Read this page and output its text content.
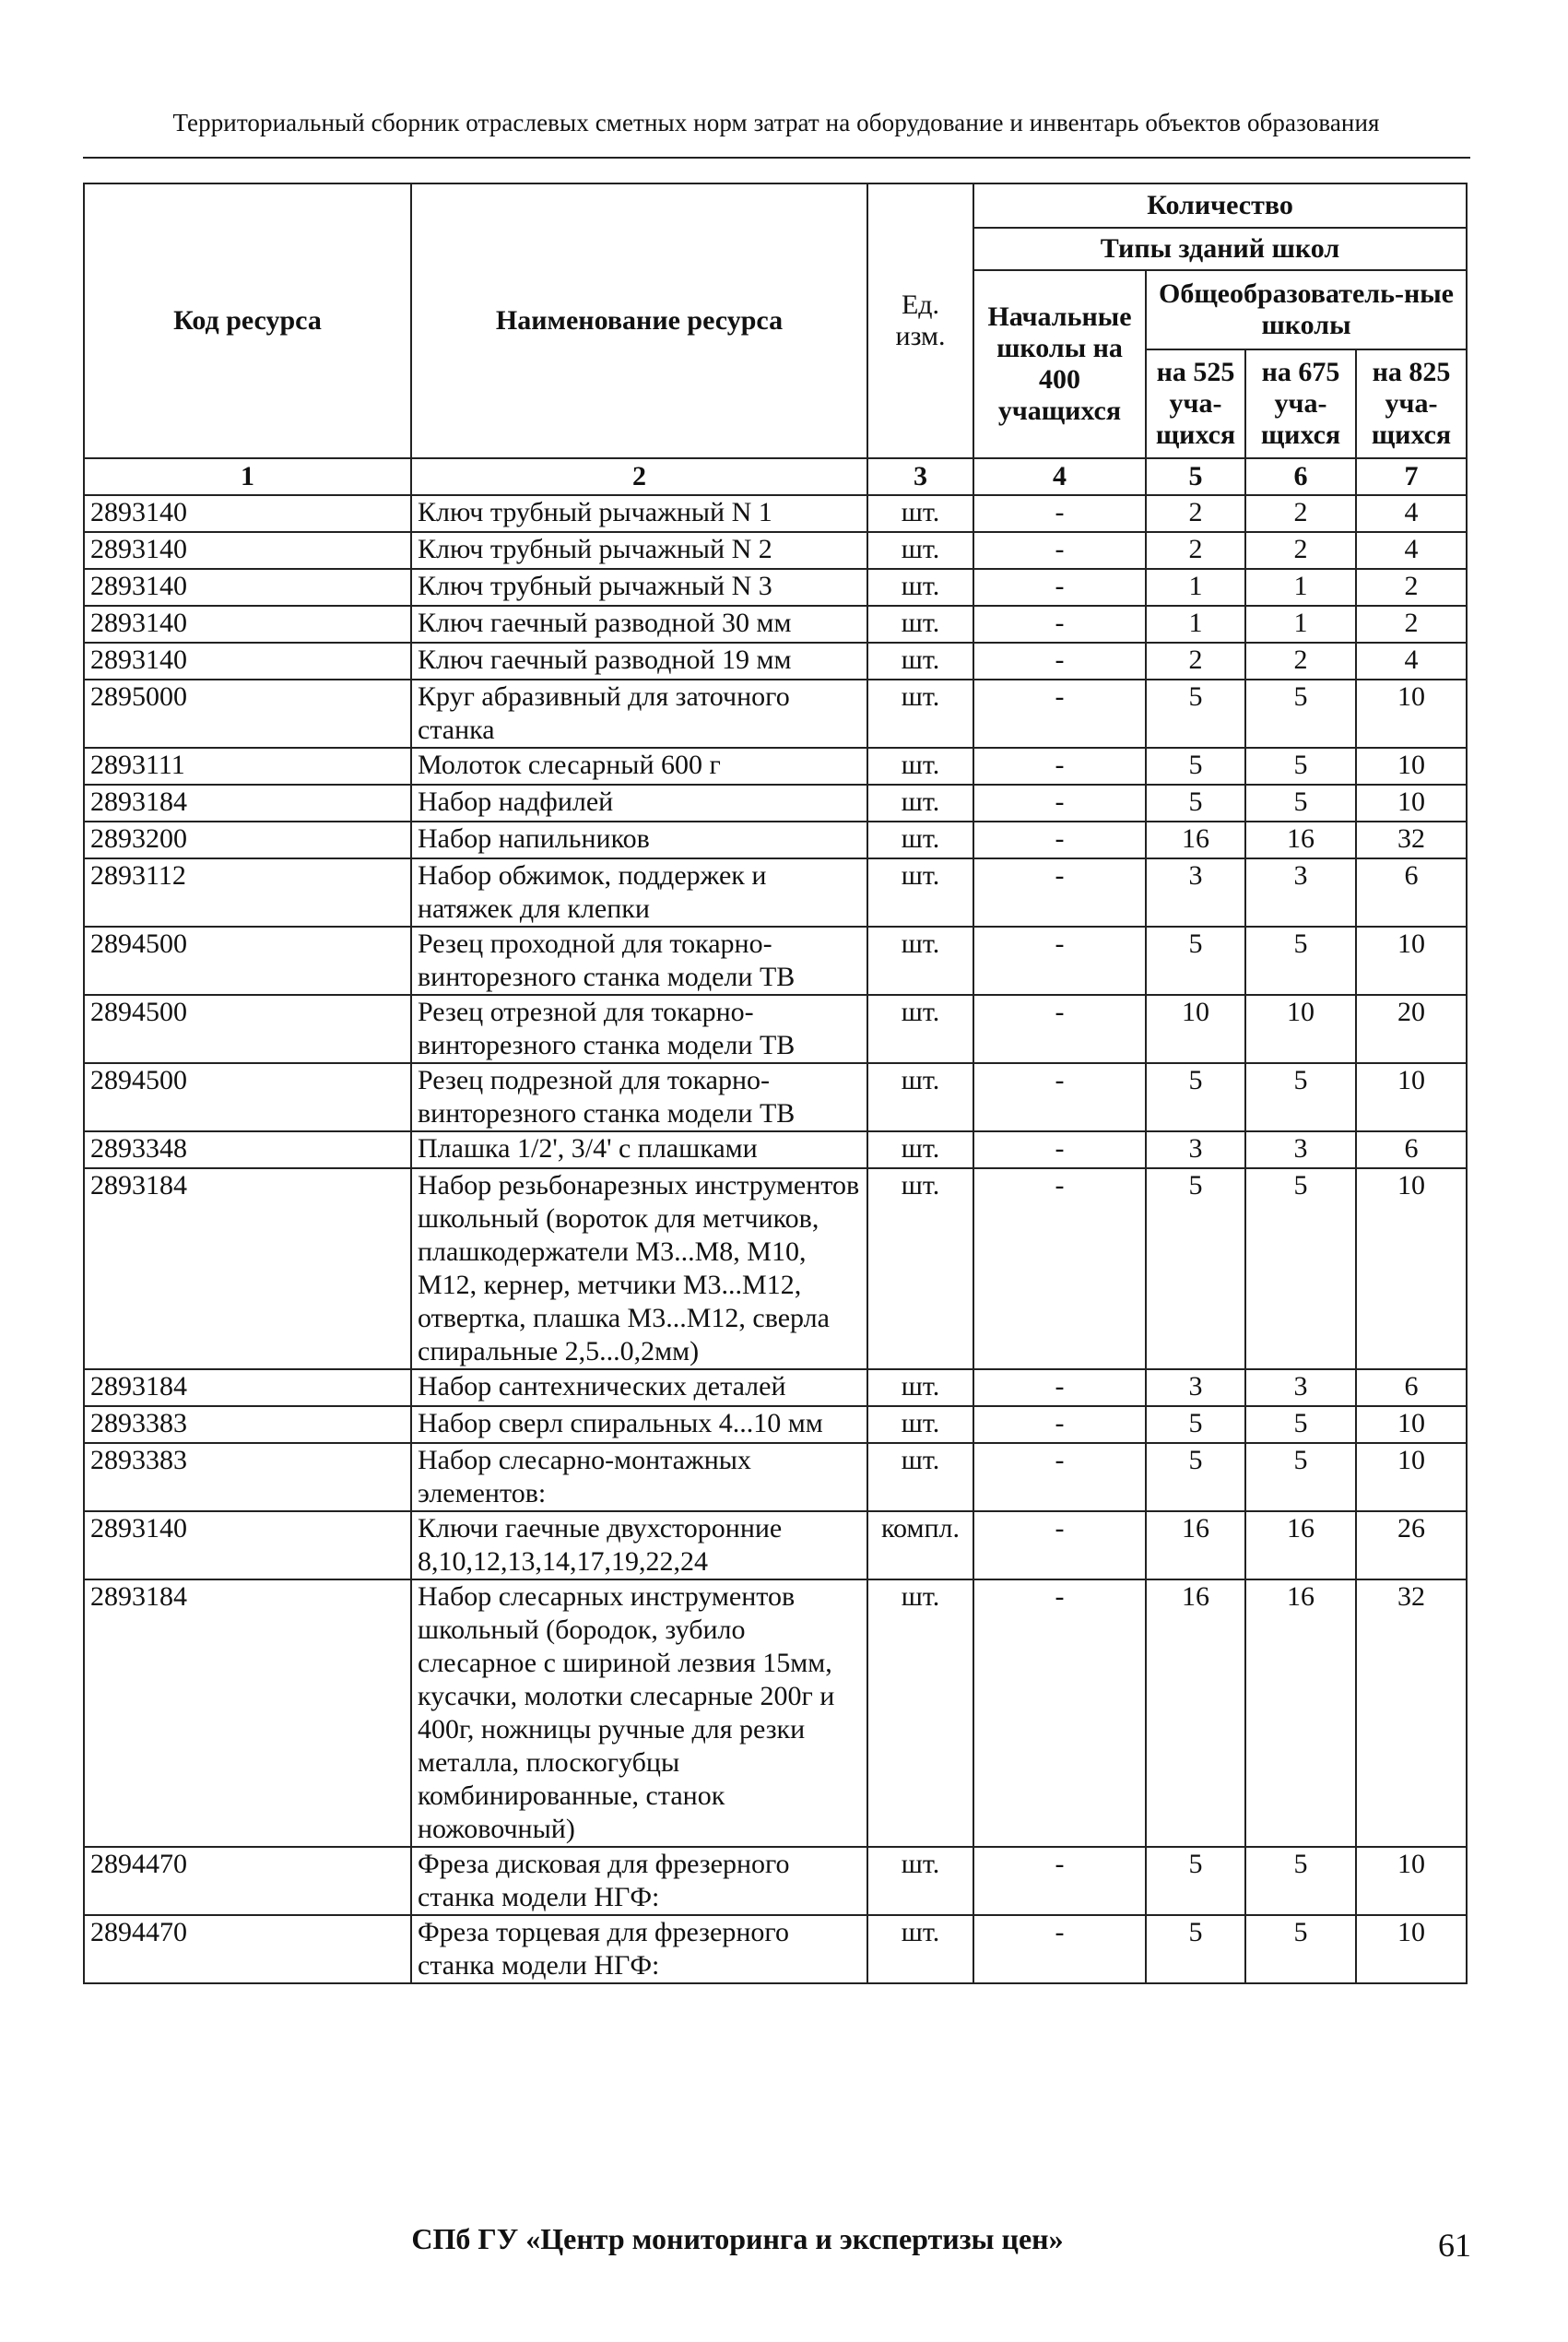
Территориальный сборник отраслевых сметных норм затрат на оборудование и инвентарь объектов образования
Код ресурса	Наименование ресурса	Ед. изм.	Количество			
			Типы зданий школ			
			Начальные школы на 400 учащихся	Общеобразователь-ные школы		
				на 525 уча-щихся	на 675 уча-щихся	на 825 уча-щихся
1	2	3	4	5	6	7
2893140	Ключ трубный рычажный N 1	шт.	-	2	2	4
2893140	Ключ трубный рычажный N 2	шт.	-	2	2	4
2893140	Ключ трубный рычажный N 3	шт.	-	1	1	2
2893140	Ключ гаечный разводной 30 мм	шт.	-	1	1	2
2893140	Ключ гаечный разводной 19 мм	шт.	-	2	2	4
2895000	Круг абразивный для заточного станка	шт.	-	5	5	10
2893111	Молоток слесарный 600 г	шт.	-	5	5	10
2893184	Набор надфилей	шт.	-	5	5	10
2893200	Набор напильников	шт.	-	16	16	32
2893112	Набор обжимок, поддержек и натяжек для клепки	шт.	-	3	3	6
2894500	Резец проходной для токарно-винторезного станка модели ТВ	шт.	-	5	5	10
2894500	Резец отрезной для токарно-винторезного станка модели ТВ	шт.	-	10	10	20
2894500	Резец подрезной для токарно-винторезного станка модели ТВ	шт.	-	5	5	10
2893348	Плашка 1/2', 3/4' с плашками	шт.	-	3	3	6
2893184	Набор резьбонарезных инструментов школьный (вороток для метчиков, плашкодержатели М3...М8, М10, М12, кернер, метчики М3...М12, отвертка, плашка М3...М12, сверла спиральные 2,5...0,2мм)	шт.	-	5	5	10
2893184	Набор сантехнических деталей	шт.	-	3	3	6
2893383	Набор сверл спиральных 4...10 мм	шт.	-	5	5	10
2893383	Набор слесарно-монтажных элементов:	шт.	-	5	5	10
2893140	Ключи гаечные двухсторонние 8,10,12,13,14,17,19,22,24	компл.	-	16	16	26
2893184	Набор слесарных инструментов школьный (бородок, зубило слесарное с шириной лезвия 15мм, кусачки, молотки слесарные 200г и 400г, ножницы ручные для резки металла, плоскогубцы комбинированные, станок ножовочный)	шт.	-	16	16	32
2894470	Фреза дисковая для фрезерного станка модели НГФ:	шт.	-	5	5	10
2894470	Фреза торцевая для фрезерного станка модели НГФ:	шт.	-	5	5	10
СПб ГУ «Центр мониторинга и экспертизы цен»	61
